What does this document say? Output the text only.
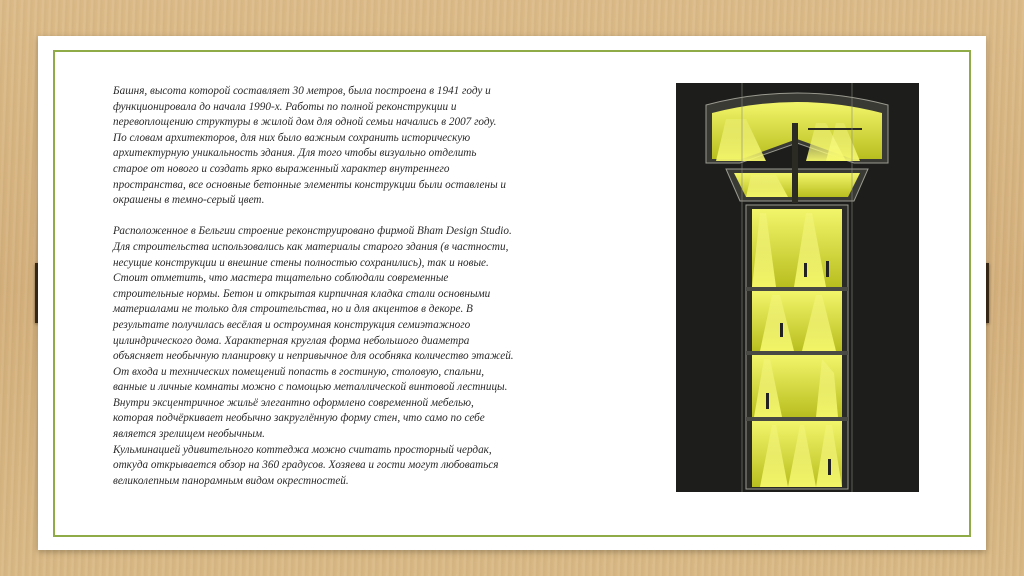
Башня, высота которой составляет 30 метров, была построена в 1941 году и
функционировала до начала 1990-х. Работы по полной реконструкции и
перевоплощению структуры в жилой дом для одной семьи начались в 2007 году.
По словам архитекторов, для них было важным сохранить историческую
архитектурную уникальность здания. Для того чтобы визуально отделить
старое от нового и создать ярко выраженный характер внутреннего
пространства, все основные бетонные элементы конструкции были оставлены и
окрашены в темно-серый цвет.

Расположенное в Бельгии строение реконструировано фирмой Bham Design Studio.
Для строительства использовались как материалы старого здания (в частности,
несущие конструкции и внешние стены полностью сохранились), так и новые.
Стоит отметить, что мастера тщательно соблюдали современные
строительные нормы. Бетон и открытая кирпичная кладка стали основными
материалами не только для строительства, но и для акцентов в декоре. В
результате получилась весёлая и остроумная конструкция семиэтажного
цилиндрического дома. Характерная круглая форма небольшого диаметра
объясняет необычную планировку и непривычное для особняка количество этажей.
От входа и технических помещений попасть в гостиную, столовую, спальни,
ванные и личные комнаты можно с помощью металлической винтовой лестницы.
Внутри эксцентричное жильё элегантно оформлено современной мебелью,
которая подчёркивает необычно закруглённую форму стен, что само по себе
является зрелищем необычным.
Кульминацией удивительного коттеджа можно считать просторный чердак,
откуда открывается обзор на 360 градусов. Хозяева и гости могут любоваться
великолепным панорамным видом окрестностей.
